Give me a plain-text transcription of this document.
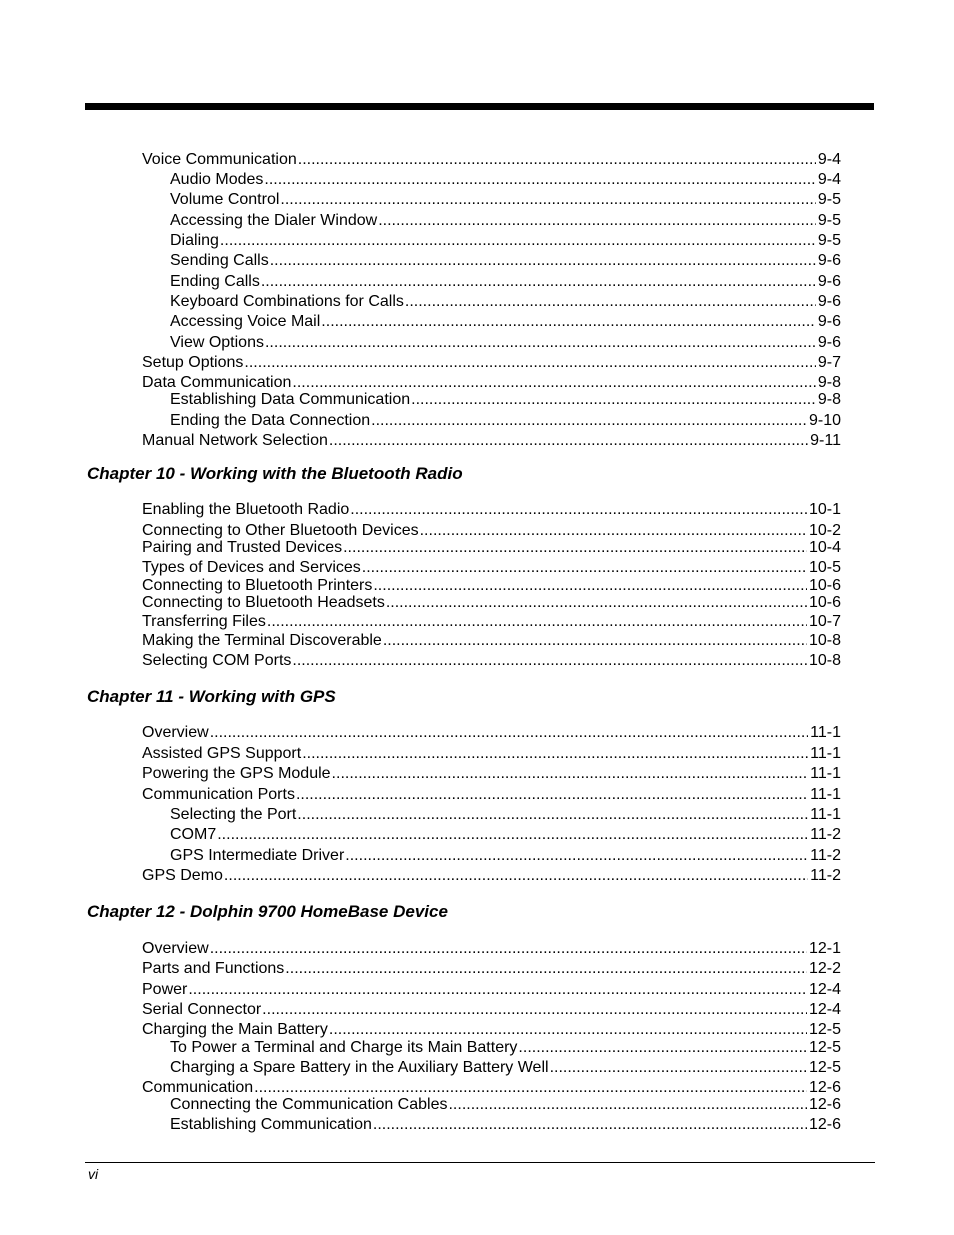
Voice Communication .....	9-4
Audio Modes .....	9-4
Volume Control .....	9-5
Accessing the Dialer Window .....	9-5
Dialing .....	9-5
Sending Calls .....	9-6
Ending Calls .....	9-6
Keyboard Combinations for Calls .....	9-6
Accessing Voice Mail .....	9-6
View Options .....	9-6
Setup Options .....	9-7
Data Communication .....	9-8
Establishing Data Communication .....	9-8
Ending the Data Connection .....	9-10
Manual Network Selection .....	9-11
Chapter 10 - Working with the Bluetooth Radio
Enabling the Bluetooth Radio .....	10-1
Connecting to Other Bluetooth Devices .....	10-2
Pairing and Trusted Devices .....	10-4
Types of Devices and Services .....	10-5
Connecting to Bluetooth Printers .....	10-6
Connecting to Bluetooth Headsets .....	10-6
Transferring Files .....	10-7
Making the Terminal Discoverable .....	10-8
Selecting COM Ports .....	10-8
Chapter 11 - Working with GPS
Overview .....	11-1
Assisted GPS Support .....	11-1
Powering the GPS Module .....	11-1
Communication Ports .....	11-1
Selecting the Port .....	11-1
COM7 .....	11-2
GPS Intermediate Driver .....	11-2
GPS Demo .....	11-2
Chapter 12 - Dolphin 9700 HomeBase Device
Overview .....	12-1
Parts and Functions .....	12-2
Power .....	12-4
Serial Connector .....	12-4
Charging the Main Battery .....	12-5
To Power a Terminal and Charge its Main Battery .....	12-5
Charging a Spare Battery in the Auxiliary Battery Well .....	12-5
Communication .....	12-6
Connecting the Communication Cables .....	12-6
Establishing Communication .....	12-6
vi
